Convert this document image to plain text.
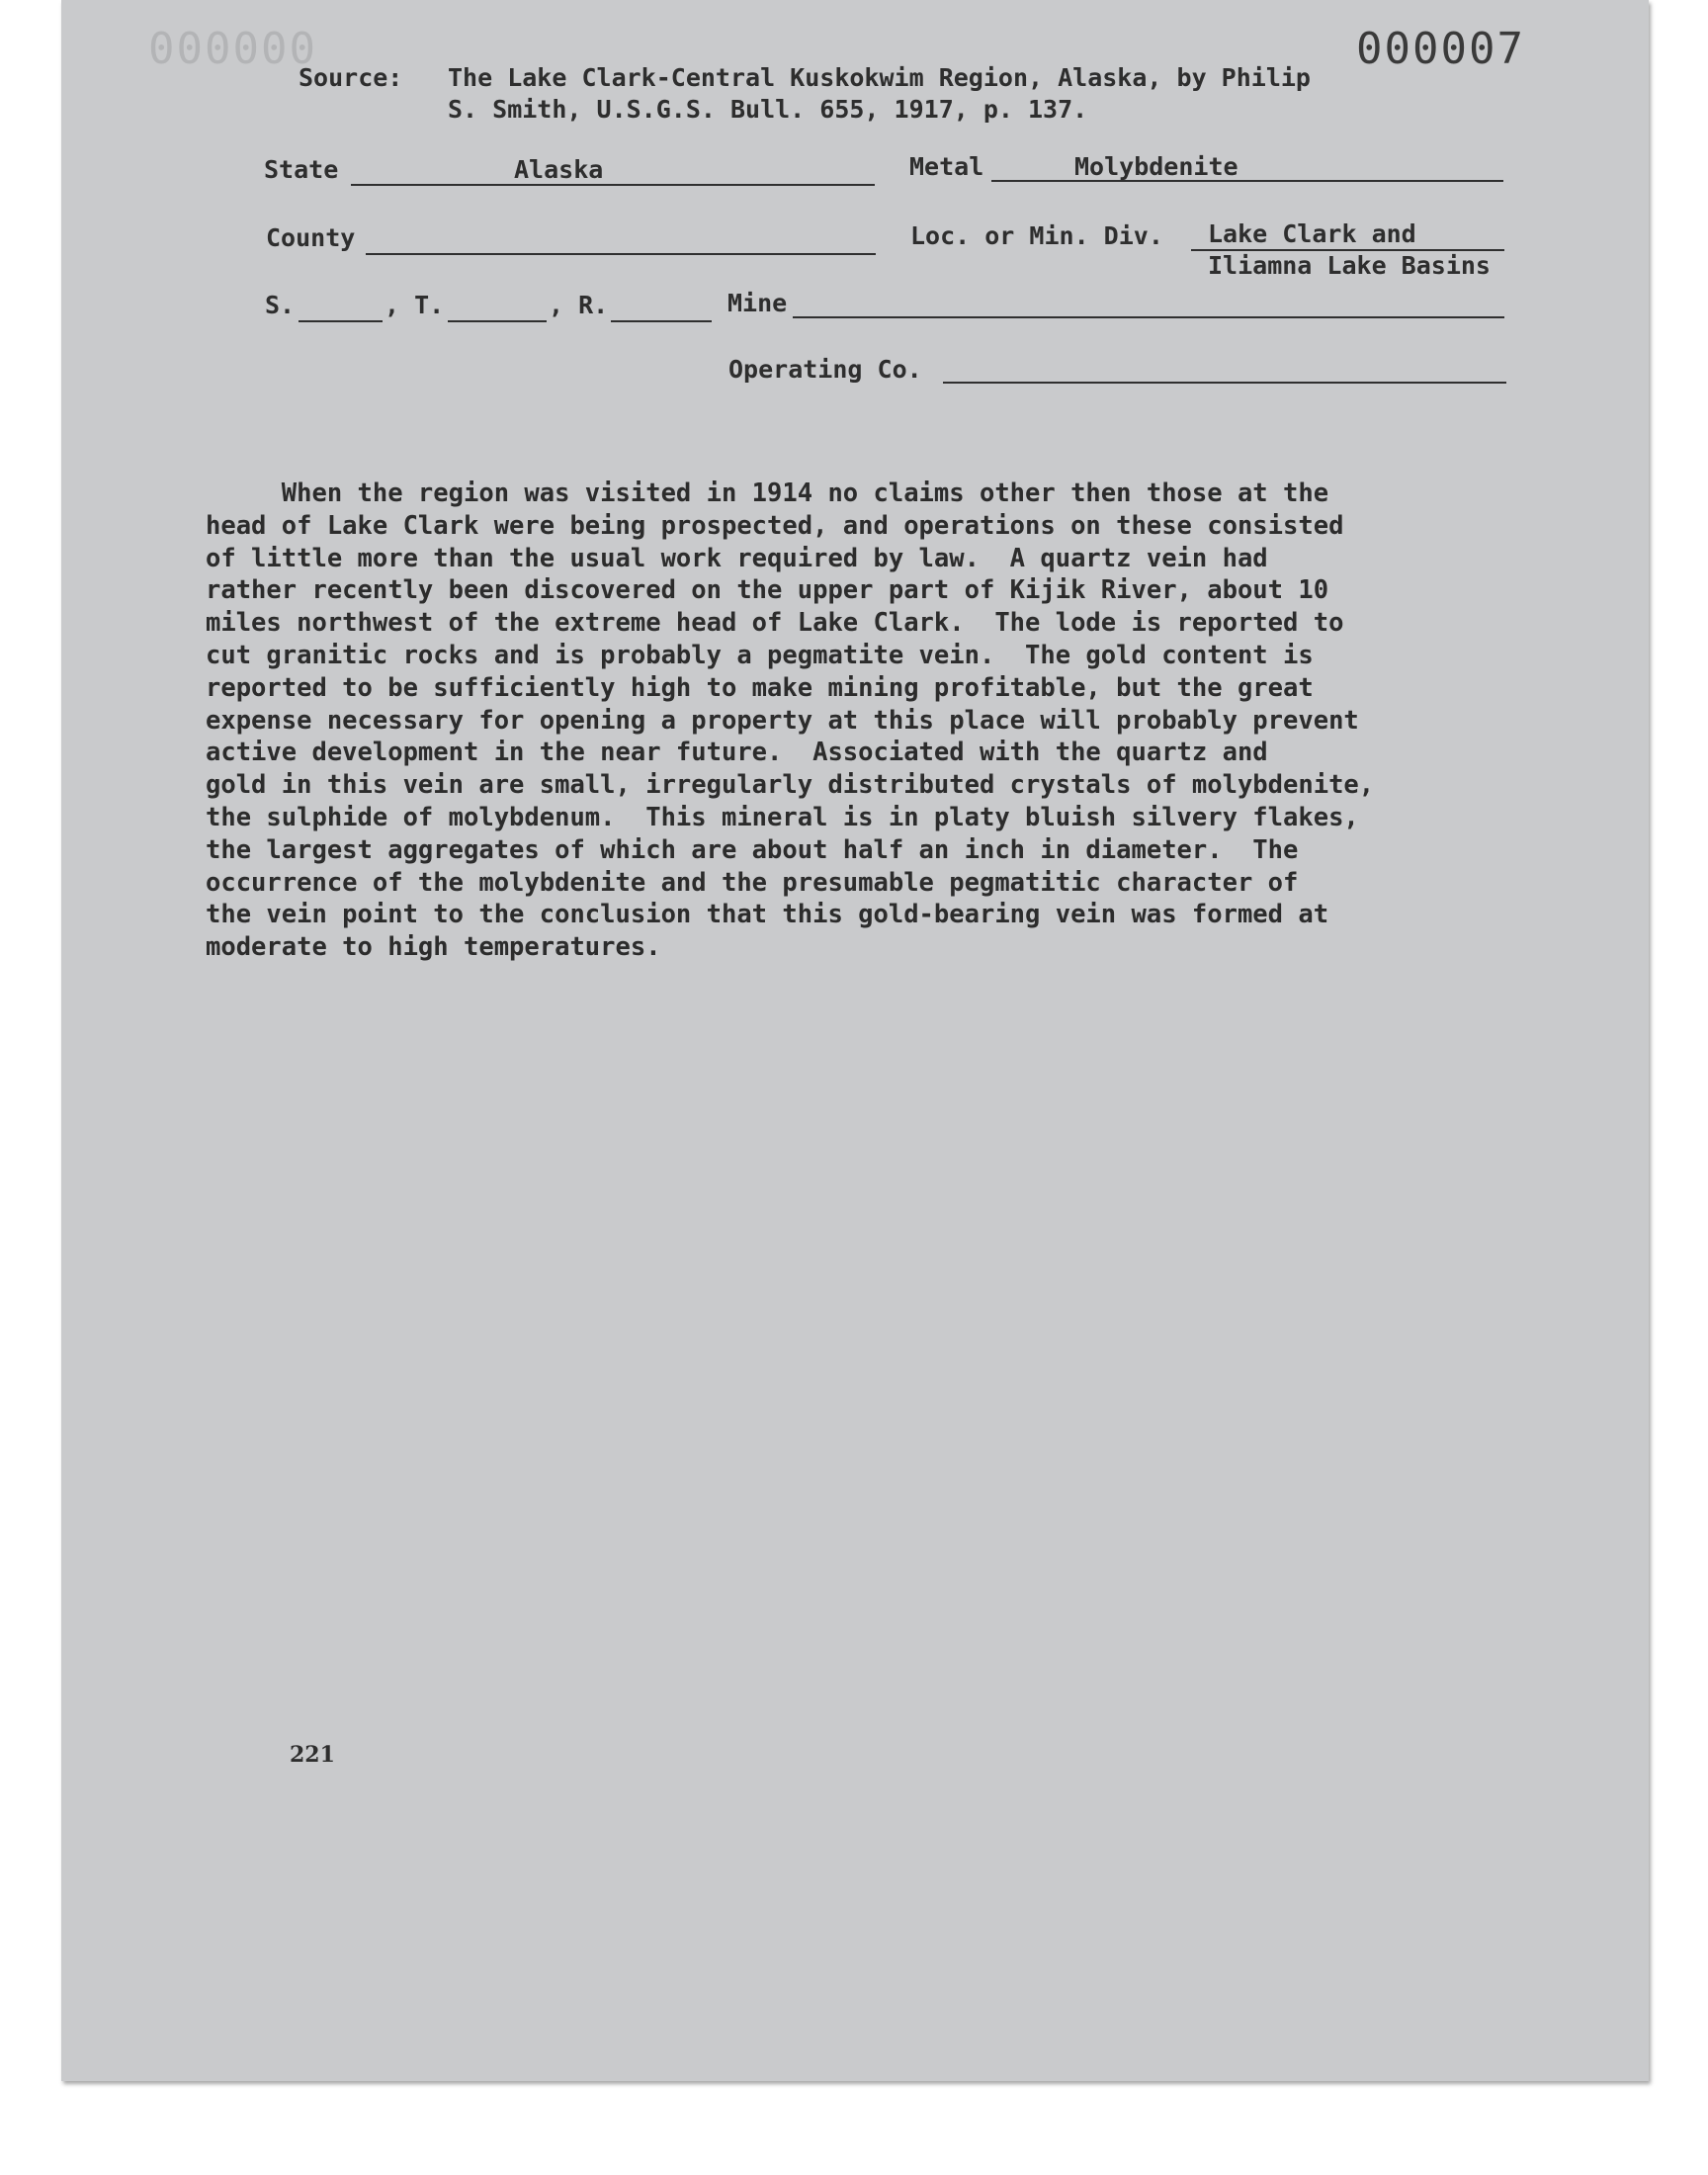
000000	000007
Source: The Lake Clark-Central Kuskokwim Region, Alaska, by Philip
S. Smith, U.S.G.S. Bull. 655, 1917, p. 137.
State	Alaska	Metal	Molybdenite
County	Loc. or Min. Div. Lake Clark and
Iliamna Lake Basins
S.	, T.	, R.	Mine
Operating Co.
When the region was visited in 1914 no claims other then those at the
head of Lake Clark were being prospected, and operations on these consisted
of little more than the usual work required by law.  A quartz vein had
rather recently been discovered on the upper part of Kijik River, about 10
miles northwest of the extreme head of Lake Clark.  The lode is reported to
cut granitic rocks and is probably a pegmatite vein.  The gold content is
reported to be sufficiently high to make mining profitable, but the great
expense necessary for opening a property at this place will probably prevent
active development in the near future.  Associated with the quartz and
gold in this vein are small, irregularly distributed crystals of molybdenite,
the sulphide of molybdenum.  This mineral is in platy bluish silvery flakes,
the largest aggregates of which are about half an inch in diameter.  The
occurrence of the molybdenite and the presumable pegmatitic character of
the vein point to the conclusion that this gold-bearing vein was formed at
moderate to high temperatures.
221
